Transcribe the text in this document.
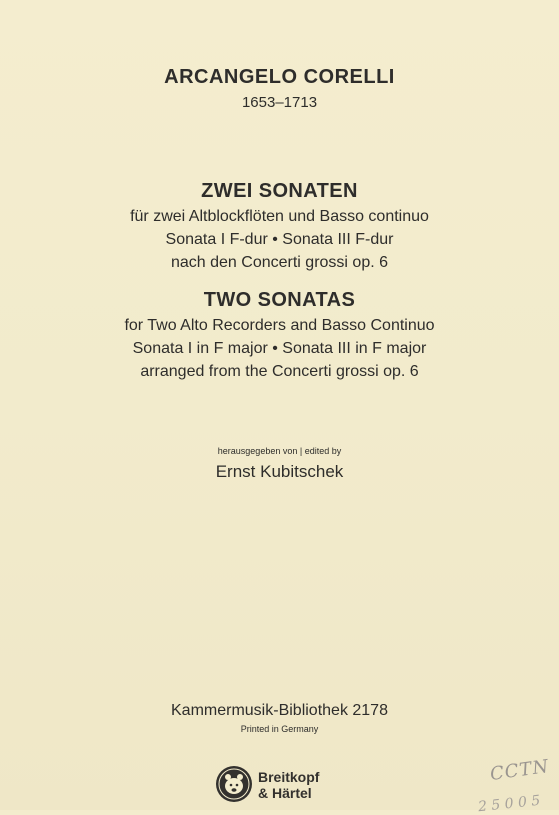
ARCANGELO CORELLI
1653–1713
ZWEI SONATEN
für zwei Altblockflöten und Basso continuo
Sonata I F-dur • Sonata III F-dur
nach den Concerti grossi op. 6
TWO SONATAS
for Two Alto Recorders and Basso Continuo
Sonata I in F major • Sonata III in F major
arranged from the Concerti grossi op. 6
herausgegeben von | edited by
Ernst Kubitschek
Kammermusik-Bibliothek 2178
Printed in Germany
Breitkopf
& Härtel
CCTN
2 5 0 0 5
